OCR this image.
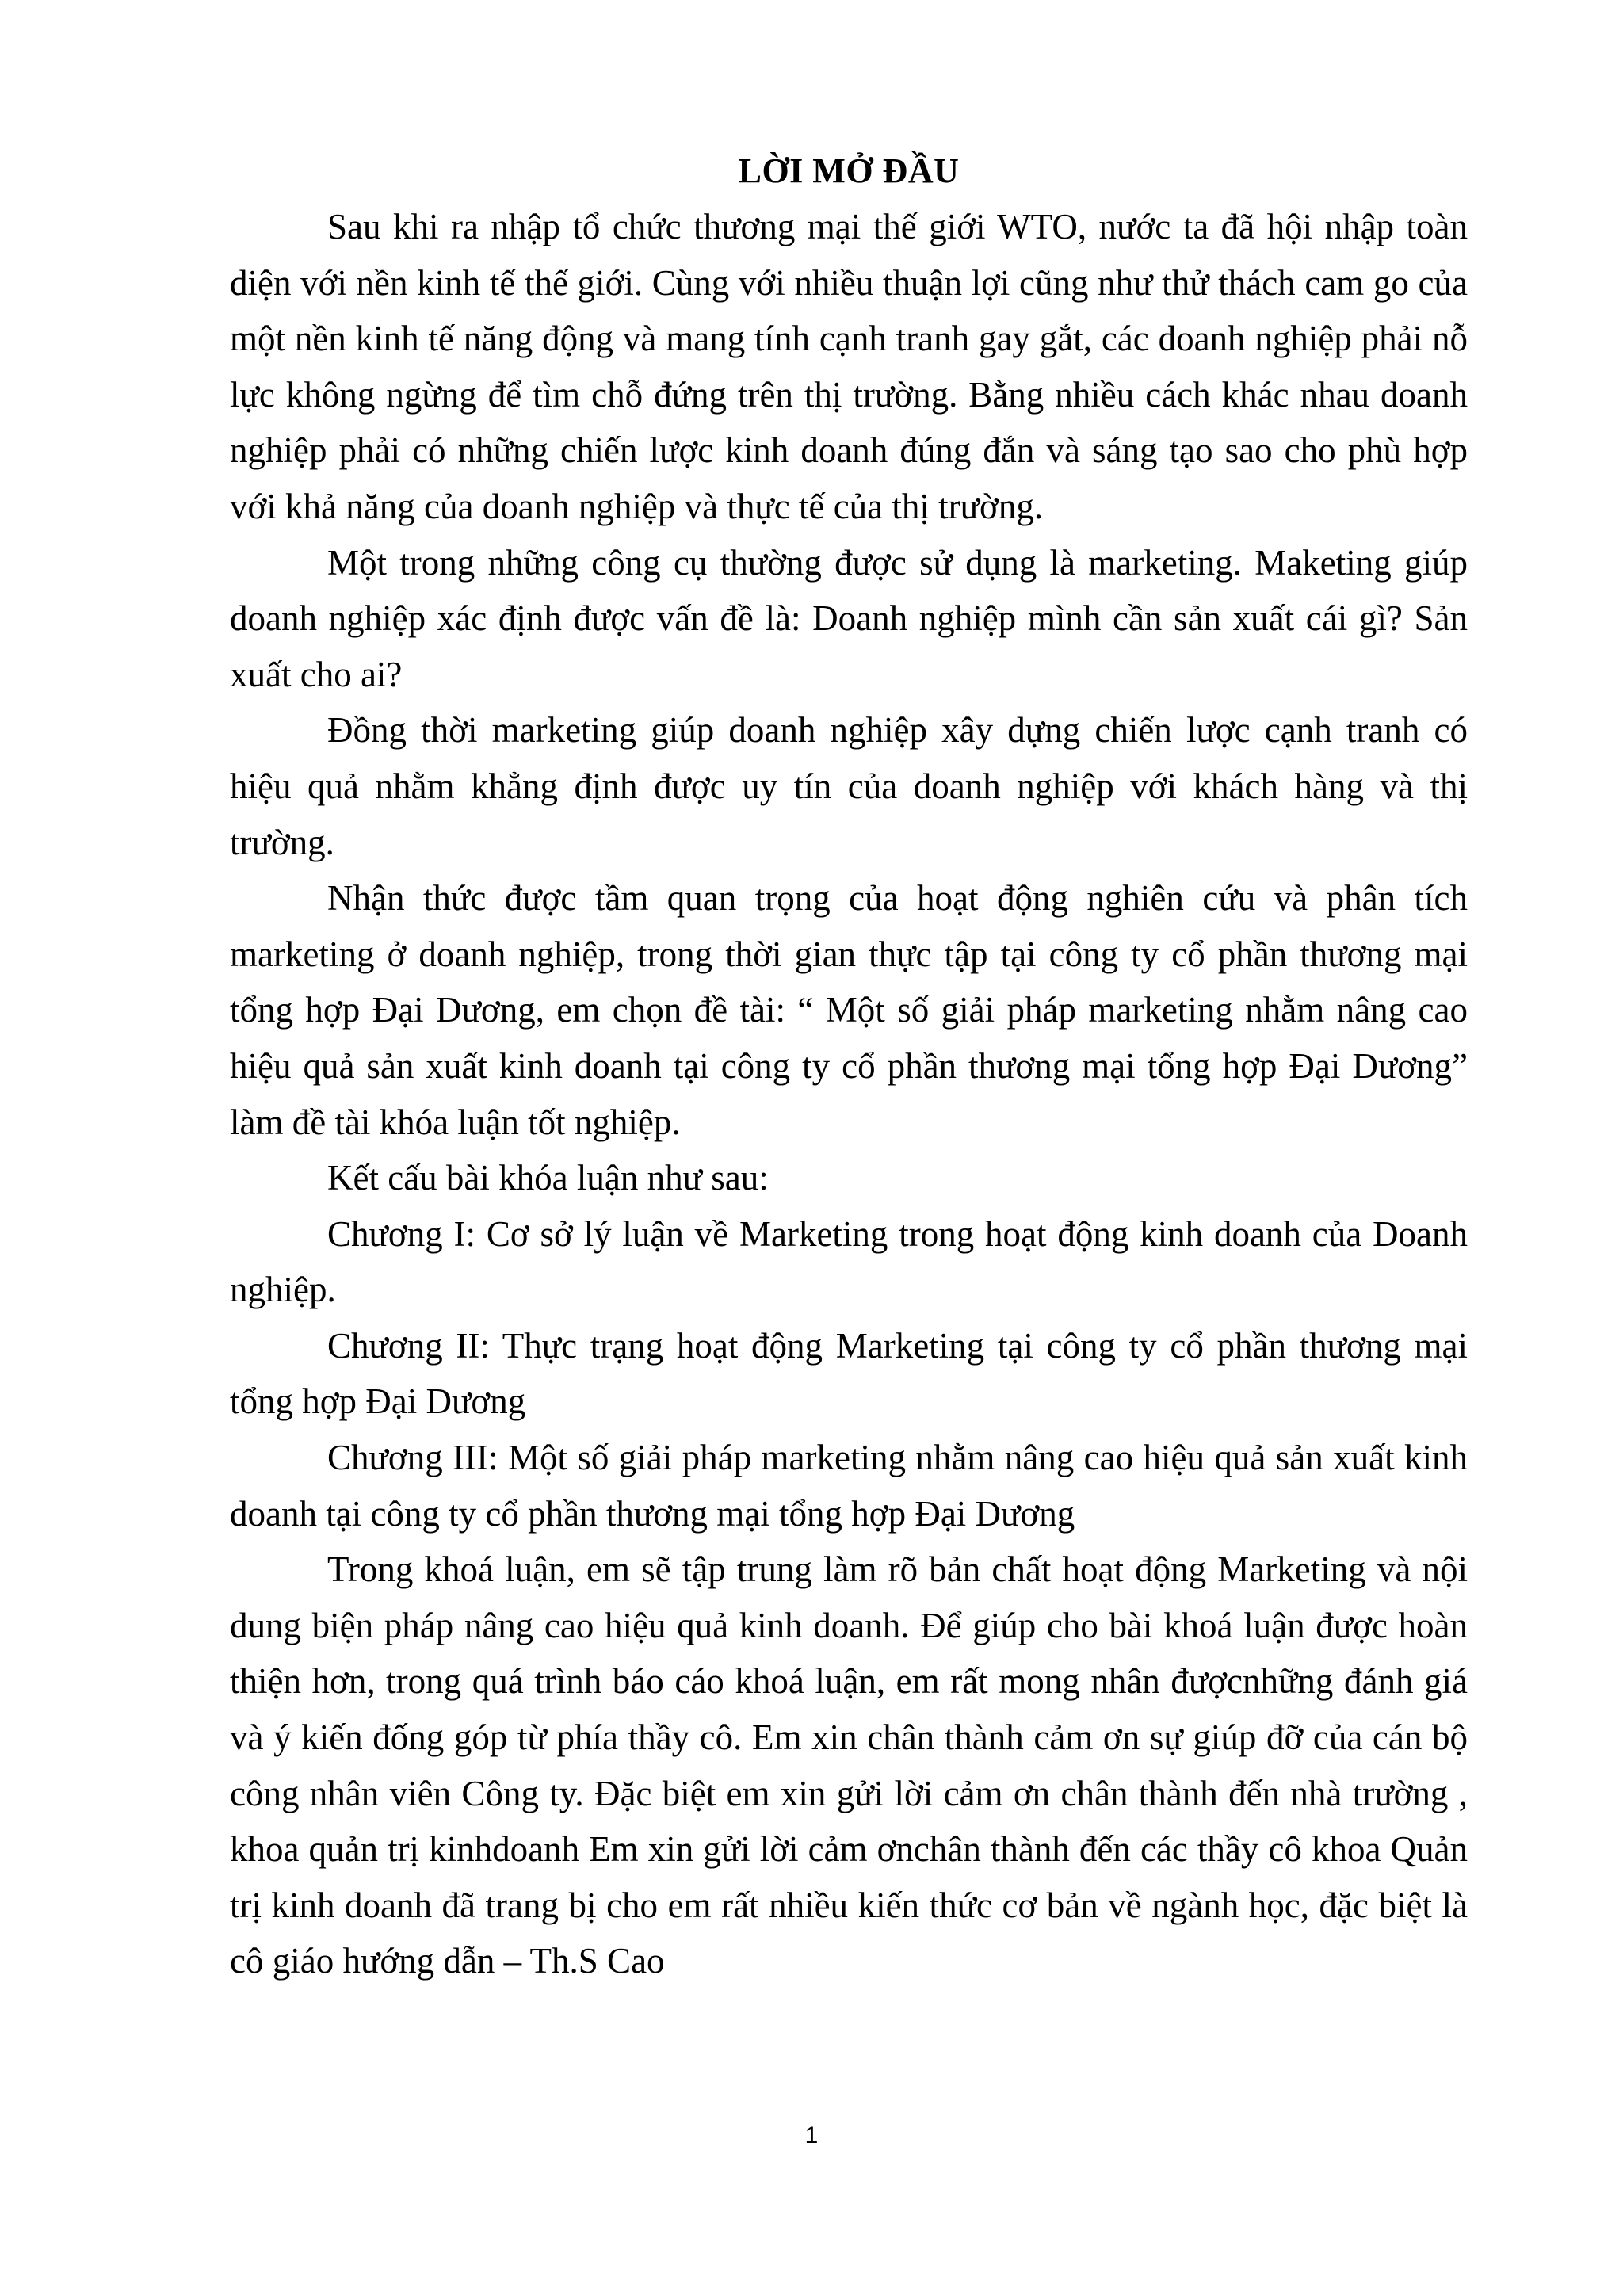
LỜI MỞ ĐẦU

Sau khi ra nhập tổ chức thương mại thế giới WTO, nước ta đã hội nhập toàn diện với nền kinh tế thế giới. Cùng với nhiều thuận lợi cũng như thử thách cam go của một nền kinh tế năng động và mang tính cạnh tranh gay gắt, các doanh nghiệp phải nỗ lực không ngừng để tìm chỗ đứng trên thị trường. Bằng nhiều cách khác nhau doanh nghiệp phải có những chiến lược kinh doanh đúng đắn và sáng tạo sao cho phù hợp với khả năng của doanh nghiệp và thực tế của thị trường.

Một trong những công cụ thường được sử dụng là marketing. Maketing giúp doanh nghiệp xác định được vấn đề là: Doanh nghiệp mình cần sản xuất cái gì? Sản xuất cho ai?

Đồng thời marketing giúp doanh nghiệp xây dựng chiến lược cạnh tranh có hiệu quả nhằm khẳng định được uy tín của doanh nghiệp với khách hàng và thị trường.

Nhận thức được tầm quan trọng của hoạt động nghiên cứu và phân tích marketing ở doanh nghiệp, trong thời gian thực tập tại công ty cổ phần thương mại tổng hợp Đại Dương, em chọn đề tài: “ Một số giải pháp marketing nhằm nâng cao hiệu quả sản xuất kinh doanh tại công ty cổ phần thương mại tổng hợp Đại Dương” làm đề tài khóa luận tốt nghiệp.

Kết cấu bài khóa luận như sau:

Chương I: Cơ sở lý luận về Marketing trong hoạt động kinh doanh của Doanh nghiệp.

Chương II: Thực trạng hoạt động Marketing tại công ty cổ phần thương mại tổng hợp Đại Dương

Chương III: Một số giải pháp marketing nhằm nâng cao hiệu quả sản xuất kinh doanh tại công ty cổ phần thương mại tổng hợp Đại Dương

Trong khoá luận, em sẽ tập trung làm rõ bản chất hoạt động Marketing và nội dung biện pháp nâng cao hiệu quả kinh doanh. Để giúp cho bài khoá luận được hoàn thiện hơn, trong quá trình báo cáo khoá luận, em rất mong nhân đượcnhững đánh giá và ý kiến đống góp từ phía thầy cô. Em xin chân thành cảm ơn sự giúp đỡ của cán bộ công nhân viên Công ty. Đặc biệt em xin gửi lời cảm ơn chân thành đến nhà trường , khoa quản trị kinhdoanh Em xin gửi lời cảm ơnchân thành đến các thầy cô khoa Quản trị kinh doanh đã trang bị cho em rất nhiều kiến thức cơ bản về ngành học, đặc biệt là cô giáo hướng dẫn – Th.S Cao

1
